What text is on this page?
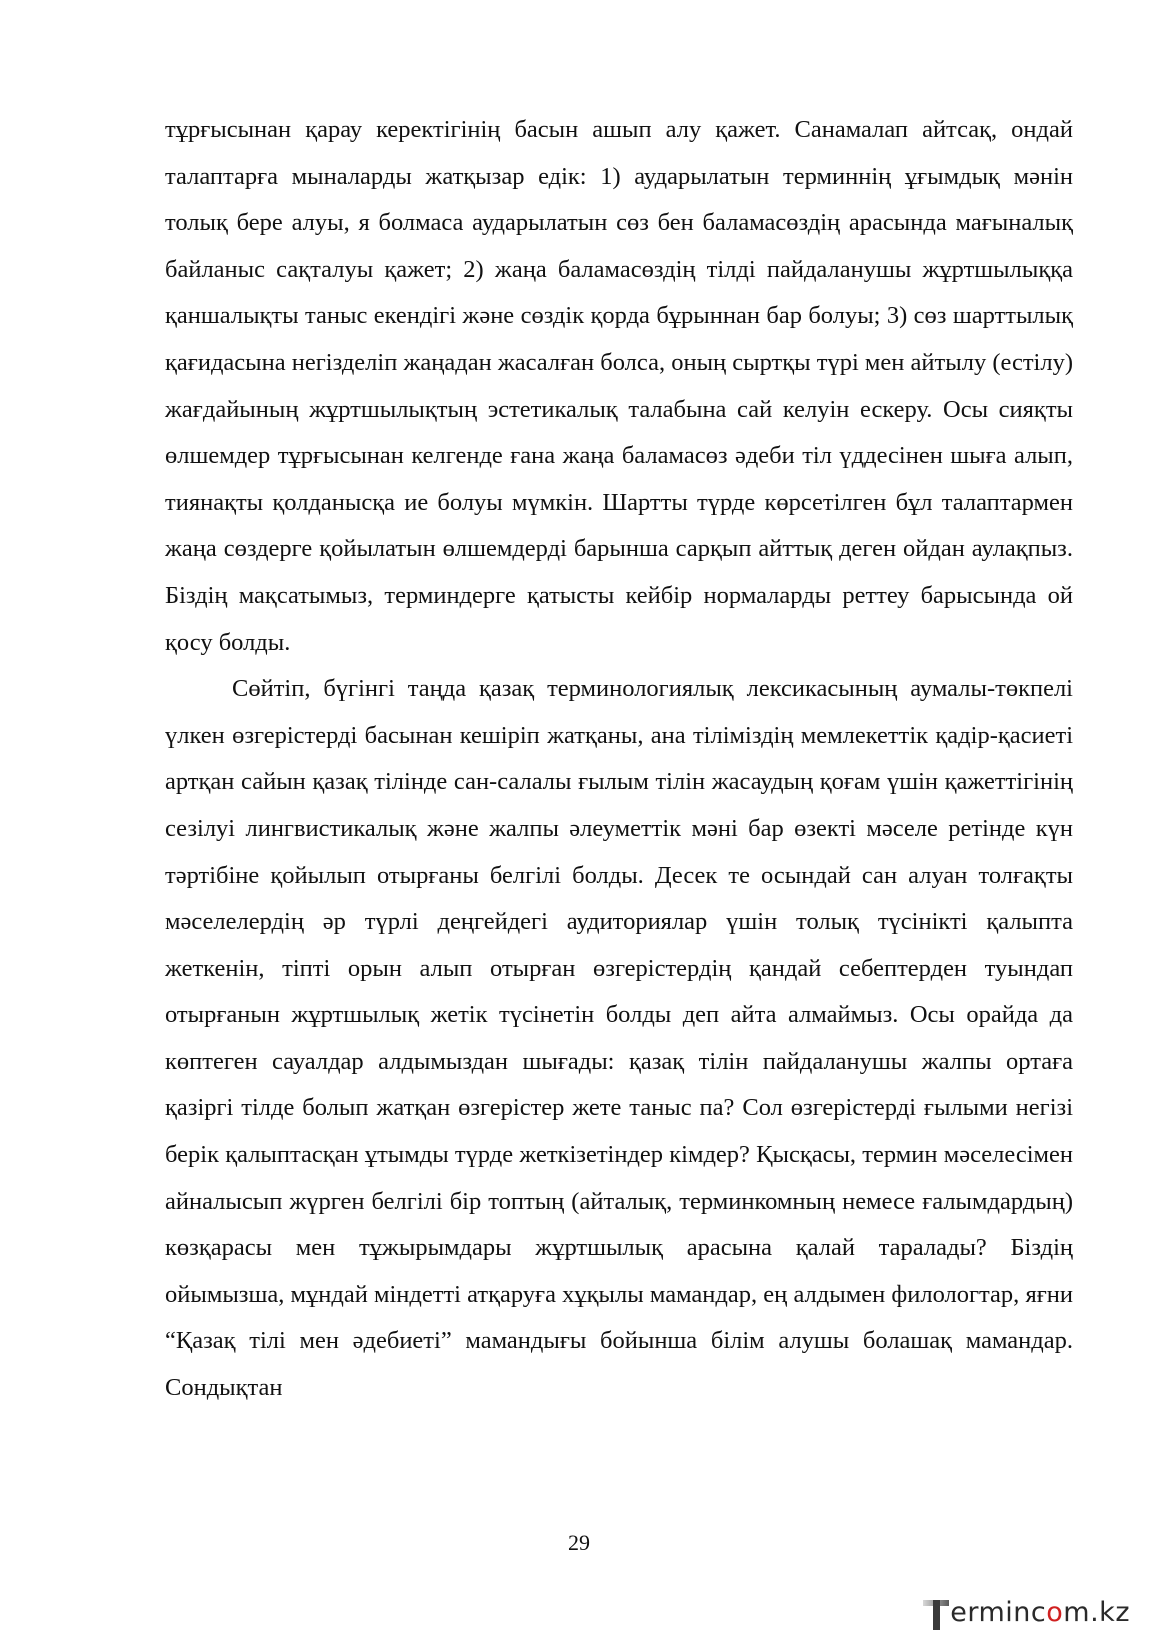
тұрғысынан қарау керектігінің басын ашып алу қажет. Санамалап айтсақ, ондай талаптарға мыналарды жатқызар едік: 1) аударылатын терминнің ұғымдық мәнін толық бере алуы, я болмаса аударылатын сөз бен баламасөздің арасында мағыналық байланыс сақталуы қажет; 2) жаңа баламасөздің тілді пайдаланушы жұртшылыққа қаншалықты таныс екендігі және сөздік қорда бұрыннан бар болуы; 3) сөз шарттылық қағидасына негізделіп жаңадан жасалған болса, оның сыртқы түрі мен айтылу (естілу) жағдайының жұртшылықтың эстетикалық талабына сай келуін ескеру. Осы сияқты өлшемдер тұрғысынан келгенде ғана жаңа баламасөз әдеби тіл үддесінен шыға алып, тиянақты қолданысқа ие болуы мүмкін. Шартты түрде көрсетілген бұл талаптармен жаңа сөздерге қойылатын өлшемдерді барынша сарқып айттық деген ойдан аулақпыз. Біздің мақсатымыз, терминдерге қатысты кейбір нормаларды реттеу барысында ой қосу болды.

Сөйтіп, бүгінгі таңда қазақ терминологиялық лексикасының аумалы-төкпелі үлкен өзгерістерді басынан кешіріп жатқаны, ана тіліміздің мемлекеттік қадір-қасиеті артқан сайын қазақ тілінде сан-салалы ғылым тілін жасаудың қоғам үшін қажеттігінің сезілуі лингвистикалық және жалпы әлеуметтік мәні бар өзекті мәселе ретінде күн тәртібіне қойылып отырғаны белгілі болды. Десек те осындай сан алуан толғақты мәселелердің әр түрлі деңгейдегі аудиториялар үшін толық түсінікті қалыпта жеткенін, тіпті орын алып отырған өзгерістердің қандай себептерден туындап отырғанын жұртшылық жетік түсінетін болды деп айта алмаймыз. Осы орайда да көптеген сауалдар алдымыздан шығады: қазақ тілін пайдаланушы жалпы ортаға қазіргі тілде болып жатқан өзгерістер жете таныс па? Сол өзгерістерді ғылыми негізі берік қалыптасқан ұтымды түрде жеткізетіндер кімдер? Қысқасы, термин мәселесімен айналысып жүрген белгілі бір топтың (айталық, терминкомның немесе ғалымдардың) көзқарасы мен тұжырымдары жұртшылық арасына қалай таралады? Біздің ойымызша, мұндай міндетті атқаруға хұқылы мамандар, ең алдымен филологтар, яғни “Қазақ тілі мен әдебиеті” мамандығы бойынша білім алушы болашақ мамандар. Сондықтан

29
ermincom.kz
